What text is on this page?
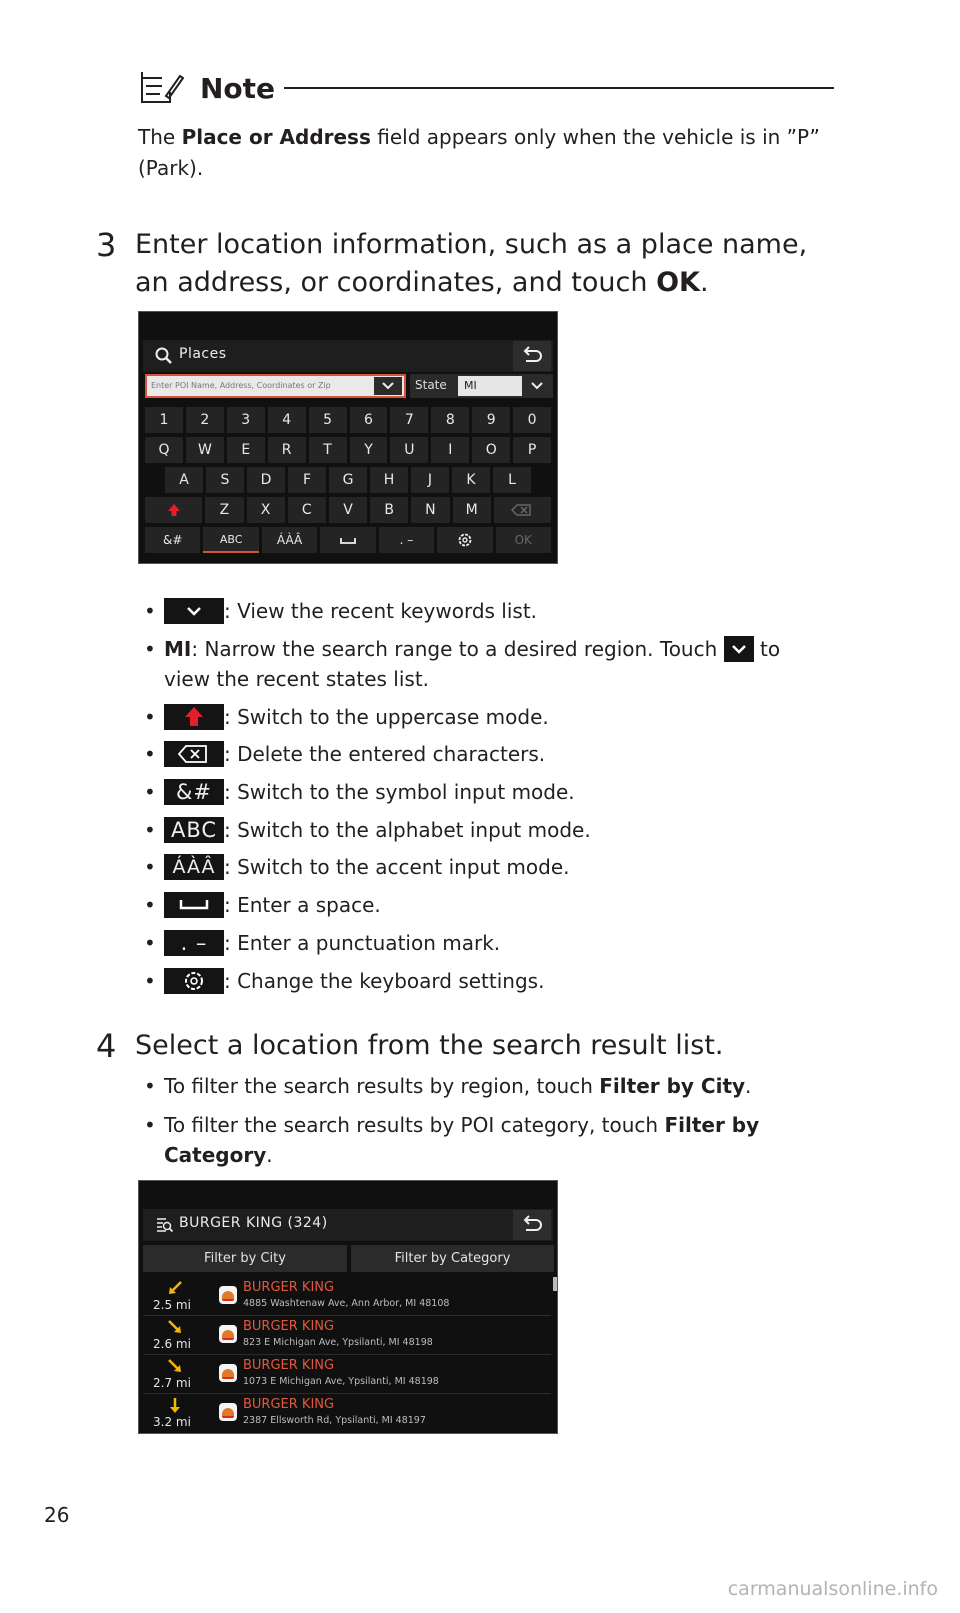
Note
The Place or Address field appears only when the vehicle is in ”P” (Park).
3 Enter location information, such as a place name, an address, or coordinates, and touch OK.
Places
Enter POI Name, Address, Coordinates or Zip	State	MI
1	2	3	4	5	6	7	8	9	0
Q	W	E	R	T	Y	U	I	O	P
A	S	D	F	G	H	J	K	L
Z	X	C	V	B	N	M
&#	ABC	ÁÀÂ	. –	OK
•	: View the recent keywords list.
• MI: Narrow the search range to a desired region. Touch
to view the recent states list.
•	: Switch to the uppercase mode.
•	: Delete the entered characters.
• &# : Switch to the symbol input mode.
• ABC : Switch to the alphabet input mode.
• ÁÀÂ : Switch to the accent input mode.
•	: Enter a space.
•	. – : Enter a punctuation mark.
•	: Change the keyboard settings.
4 Select a location from the search result list.
• To filter the search results by region, touch Filter by City.
• To filter the search results by POI category, touch Filter by Category.
BURGER KING (324)
Filter by City	Filter by Category
2.5 mi
BURGER KING
4885 Washtenaw Ave, Ann Arbor, MI 48108
2.6 mi
BURGER KING
823 E Michigan Ave, Ypsilanti, MI 48198
2.7 mi
BURGER KING
1073 E Michigan Ave, Ypsilanti, MI 48198
3.2 mi
BURGER KING
2387 Ellsworth Rd, Ypsilanti, MI 48197
26
carmanualsonline.info
